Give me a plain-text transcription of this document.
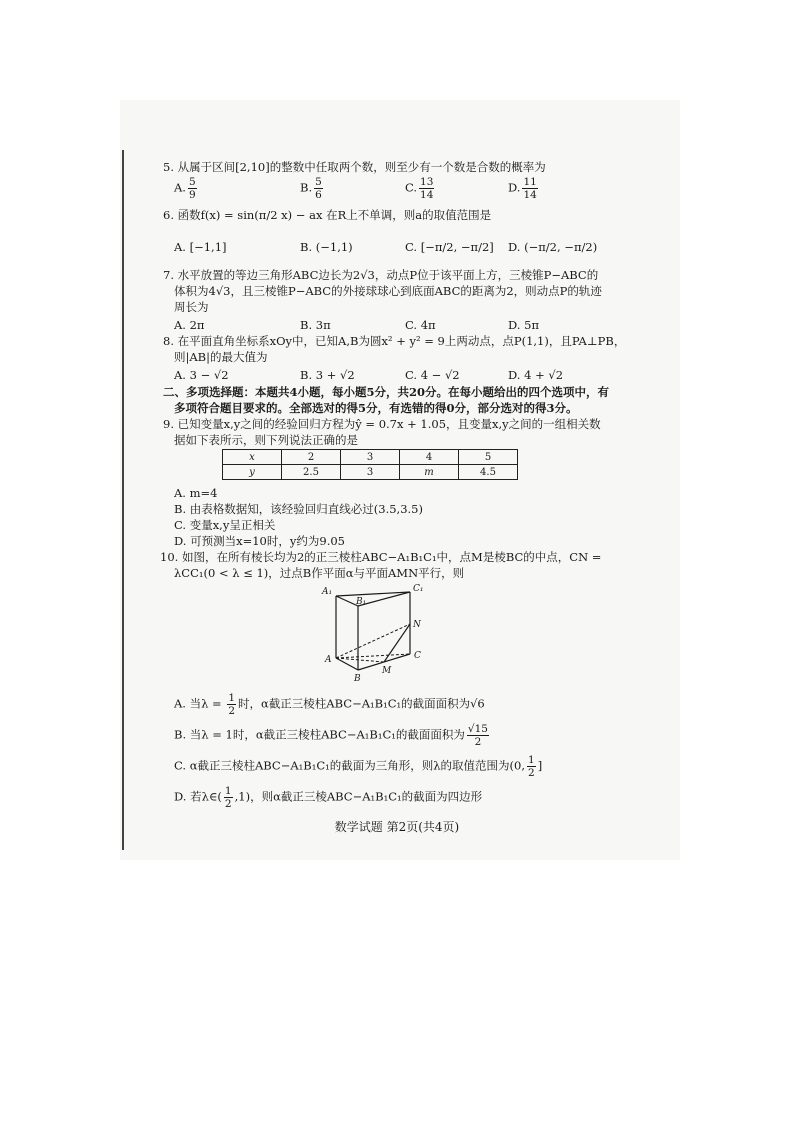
5. 从属于区间[2,10]的整数中任取两个数，则至少有一个数是合数的概率为
A. $\frac{5}{9}$	B. $\frac{5}{6}$	C. $\frac{13}{14}$	D. $\frac{11}{14}$
6. 函数f(x) = sin(π/2 x) − ax 在R上不单调，则a的取值范围是
A. [−1,1]	B. (−1,1)	C. [−π/2, −π/2] D. (−π/2, −π/2)
7. 水平放置的等边三角形ABC边长为2√3，动点P位于该平面上方，三棱锥P−ABC的
体积为4√3，且三棱锥P−ABC的外接球球心到底面ABC的距离为2，则动点P的轨迹
周长为
A. 2π	B. 3π	C. 4π	D. 5π
8. 在平面直角坐标系xOy中，已知A,B为圆x² + y² = 9上两动点，点P(1,1)，且PA⊥PB，
则|AB|的最大值为
A. 3 − √2	B. 3 + √2	C. 4 − √2	D. 4 + √2
二、多项选择题：本题共4小题，每小题5分，共20分。在每小题给出的四个选项中，有
多项符合题目要求的。全部选对的得5分，有选错的得0分，部分选对的得3分。
9. 已知变量x,y之间的经验回归方程为ŷ = 0.7x + 1.05，且变量x,y之间的一组相关数
据如下表所示，则下列说法正确的是
x	2	3	4	5
y	2.5	3	m	4.5
A. m=4
B. 由表格数据知，该经验回归直线必过(3.5,3.5)
C. 变量x,y呈正相关
D. 可预测当x=10时，y约为9.05
10. 如图，在所有棱长均为2的正三棱柱ABC−A₁B₁C₁中，点M是棱BC的中点，CN =
λCC₁(0 < λ ≤ 1)，过点B作平面α与平面AMN平行，则
A₁
B₁
C₁
A
B
C
M
N
A. 当$\lambda = \frac{1}{2}$ 时，α截正三棱柱ABC−A₁B₁C₁的截面面积为√6
B. 当λ = 1时，α截正三棱柱ABC−A₁B₁C₁的截面面积为 $\frac{√15}{2}$
C. α截正三棱柱ABC−A₁B₁C₁的截面为三角形，则λ的取值范围为(0, $\frac{1}{2}$ ]
D. 若λ∈( $\frac{1}{2} ,1$)，则α截正三棱ABC−A₁B₁C₁的截面为四边形
数学试题 第2页(共4页)
